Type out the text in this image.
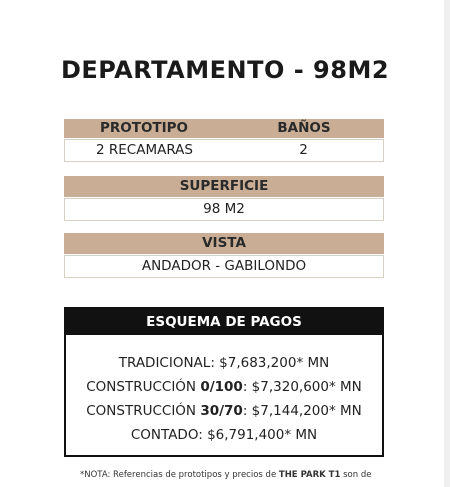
DEPARTAMENTO - 98M2
PROTOTIPO	BAÑOS
2 RECAMARAS	2
SUPERFICIE
98 M2
VISTA
ANDADOR - GABILONDO
ESQUEMA DE PAGOS
TRADICIONAL: $7,683,200* MN
CONSTRUCCIÓN 0/100: $7,320,600* MN
CONSTRUCCIÓN 30/70: $7,144,200* MN
CONTADO: $6,791,400* MN
*NOTA: Referencias de prototipos y precios de THE PARK T1 son de
